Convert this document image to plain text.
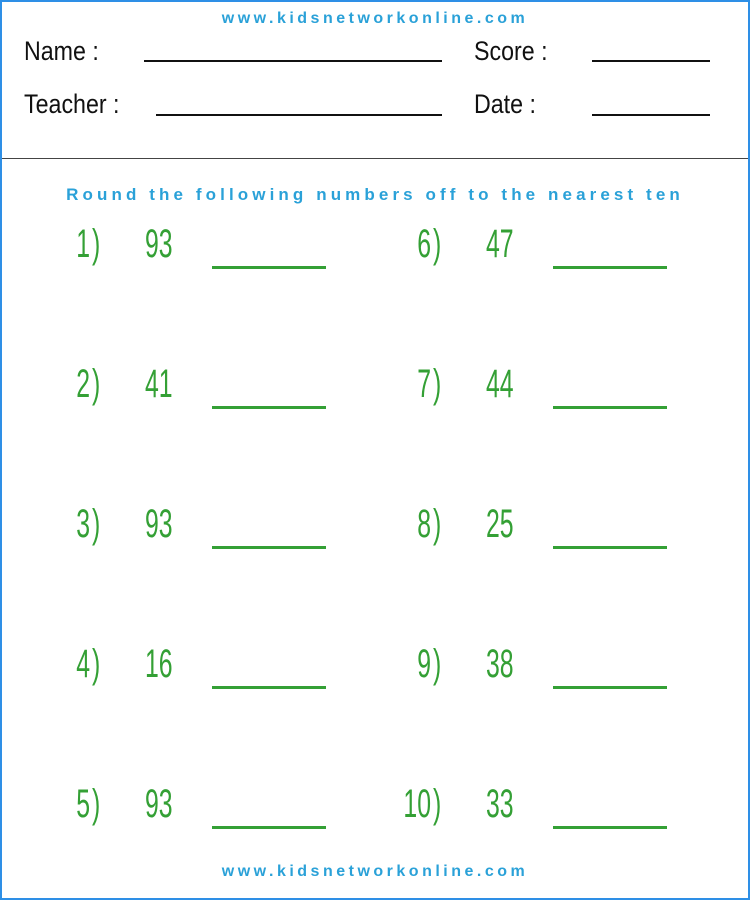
www.kidsnetworkonline.com
Name :	Score :
Teacher :	Date :
Round the following numbers off to the nearest ten
1 ) 93
2 ) 41
3 ) 93
4 ) 16
5 ) 93
6 ) 47
7 ) 44
8 ) 25
9 ) 38
10 ) 33
www.kidsnetworkonline.com
